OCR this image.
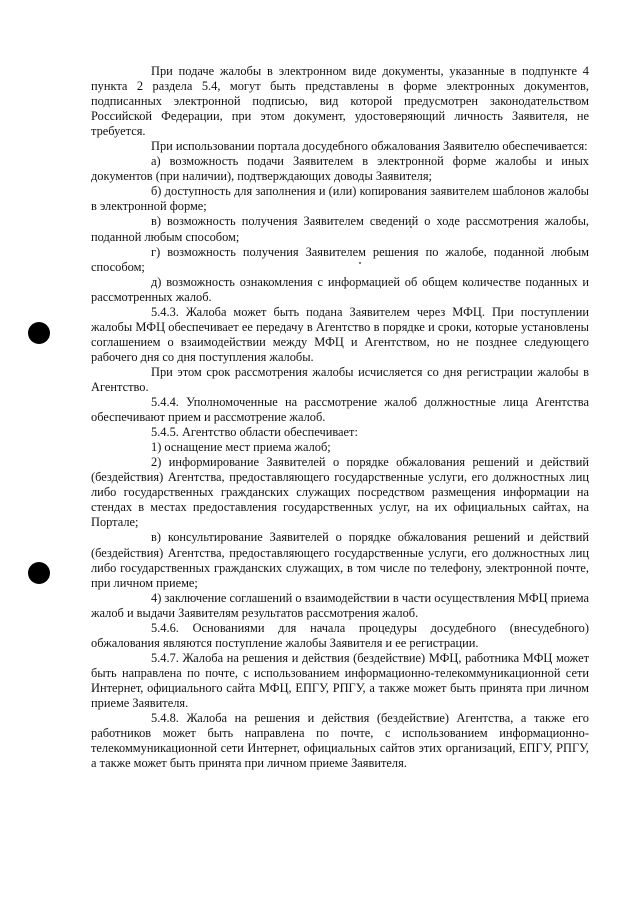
При подаче жалобы в электронном виде документы, указанные в подпункте 4 пункта 2 раздела 5.4, могут быть представлены в форме электронных документов, подписанных электронной подписью, вид которой предусмотрен законодательством Российской Федерации, при этом документ, удостоверяющий личность Заявителя, не требуется.

При использовании портала досудебного обжалования Заявителю обеспечивается:

а) возможность подачи Заявителем в электронной форме жалобы и иных документов (при наличии), подтверждающих доводы Заявителя;

б) доступность для заполнения и (или) копирования заявителем шаблонов жалобы в электронной форме;

в) возможность получения Заявителем сведений о ходе рассмотрения жалобы, поданной любым способом;

г) возможность получения Заявителем решения по жалобе, поданной любым способом;

д) возможность ознакомления с информацией об общем количестве поданных и рассмотренных жалоб.

5.4.3. Жалоба может быть подана Заявителем через МФЦ. При поступлении жалобы МФЦ обеспечивает ее передачу в Агентство в порядке и сроки, которые установлены соглашением о взаимодействии между МФЦ и Агентством, но не позднее следующего рабочего дня со дня поступления жалобы.

При этом срок рассмотрения жалобы исчисляется со дня регистрации жалобы в Агентство.

5.4.4. Уполномоченные на рассмотрение жалоб должностные лица Агентства обеспечивают прием и рассмотрение жалоб.

5.4.5. Агентство области обеспечивает:

1) оснащение мест приема жалоб;

2) информирование Заявителей о порядке обжалования решений и действий (бездействия) Агентства, предоставляющего государственные услуги, его должностных лиц либо государственных гражданских служащих посредством размещения информации на стендах в местах предоставления государственных услуг, на их официальных сайтах, на Портале;

в) консультирование Заявителей о порядке обжалования решений и действий (бездействия) Агентства, предоставляющего государственные услуги, его должностных лиц либо государственных гражданских служащих, в том числе по телефону, электронной почте, при личном приеме;

4) заключение соглашений о взаимодействии в части осуществления МФЦ приема жалоб и выдачи Заявителям результатов рассмотрения жалоб.

5.4.6. Основаниями для начала процедуры досудебного (внесудебного) обжалования являются поступление жалобы Заявителя и ее регистрации.

5.4.7. Жалоба на решения и действия (бездействие) МФЦ, работника МФЦ может быть направлена по почте, с использованием информационно-телекоммуникационной сети Интернет, официального сайта МФЦ, ЕПГУ, РПГУ, а также может быть принята при личном приеме Заявителя.

5.4.8. Жалоба на решения и действия (бездействие) Агентства, а также его работников может быть направлена по почте, с использованием информационно-телекоммуникационной сети Интернет, официальных сайтов этих организаций, ЕПГУ, РПГУ, а также может быть принята при личном приеме Заявителя.
